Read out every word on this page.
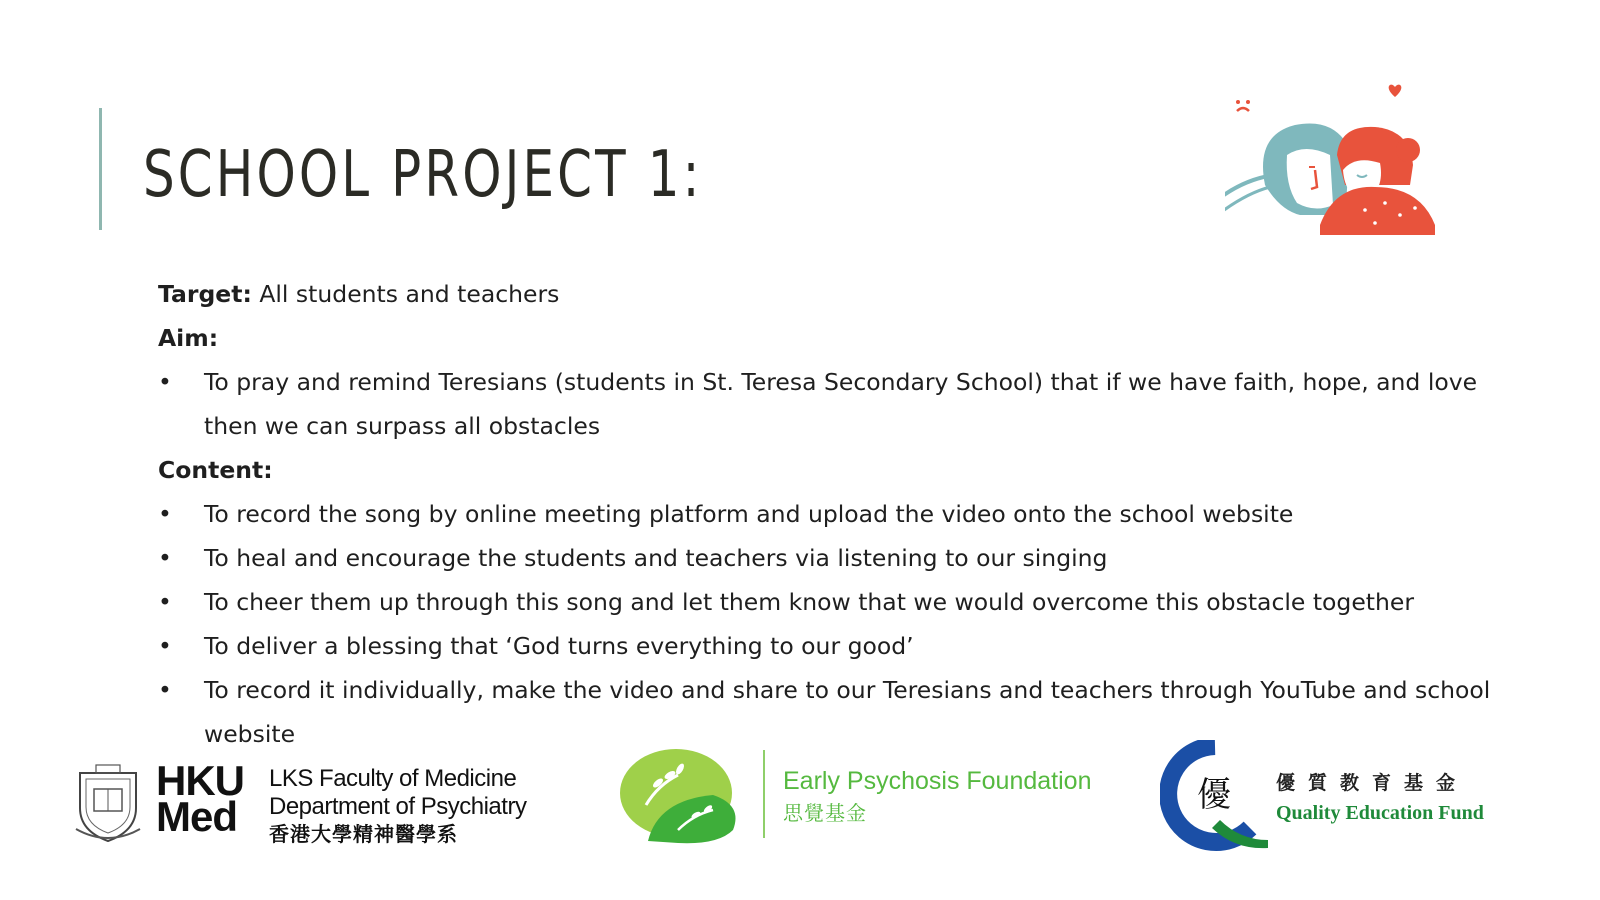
SCHOOL PROJECT 1:
Target: All students and teachers
Aim:
•	To pray and remind Teresians (students in St. Teresa Secondary School) that if we have faith, hope, and love
then we can surpass all obstacles
Content:
•	To record the song by online meeting platform and upload the video onto the school website
•	To heal and encourage the students and teachers via listening to our singing
•	To cheer them up through this song and let them know that we would overcome this obstacle together
•	To deliver a blessing that ‘God turns everything to our good’
•	To record it individually, make the video and share to our Teresians and teachers through YouTube and school
website
HKU
Med
LKS Faculty of Medicine
Department of Psychiatry
香港大學精神醫學系
Early Psychosis Foundation
思覺基金	優 優質教育基金
Quality Education Fund
